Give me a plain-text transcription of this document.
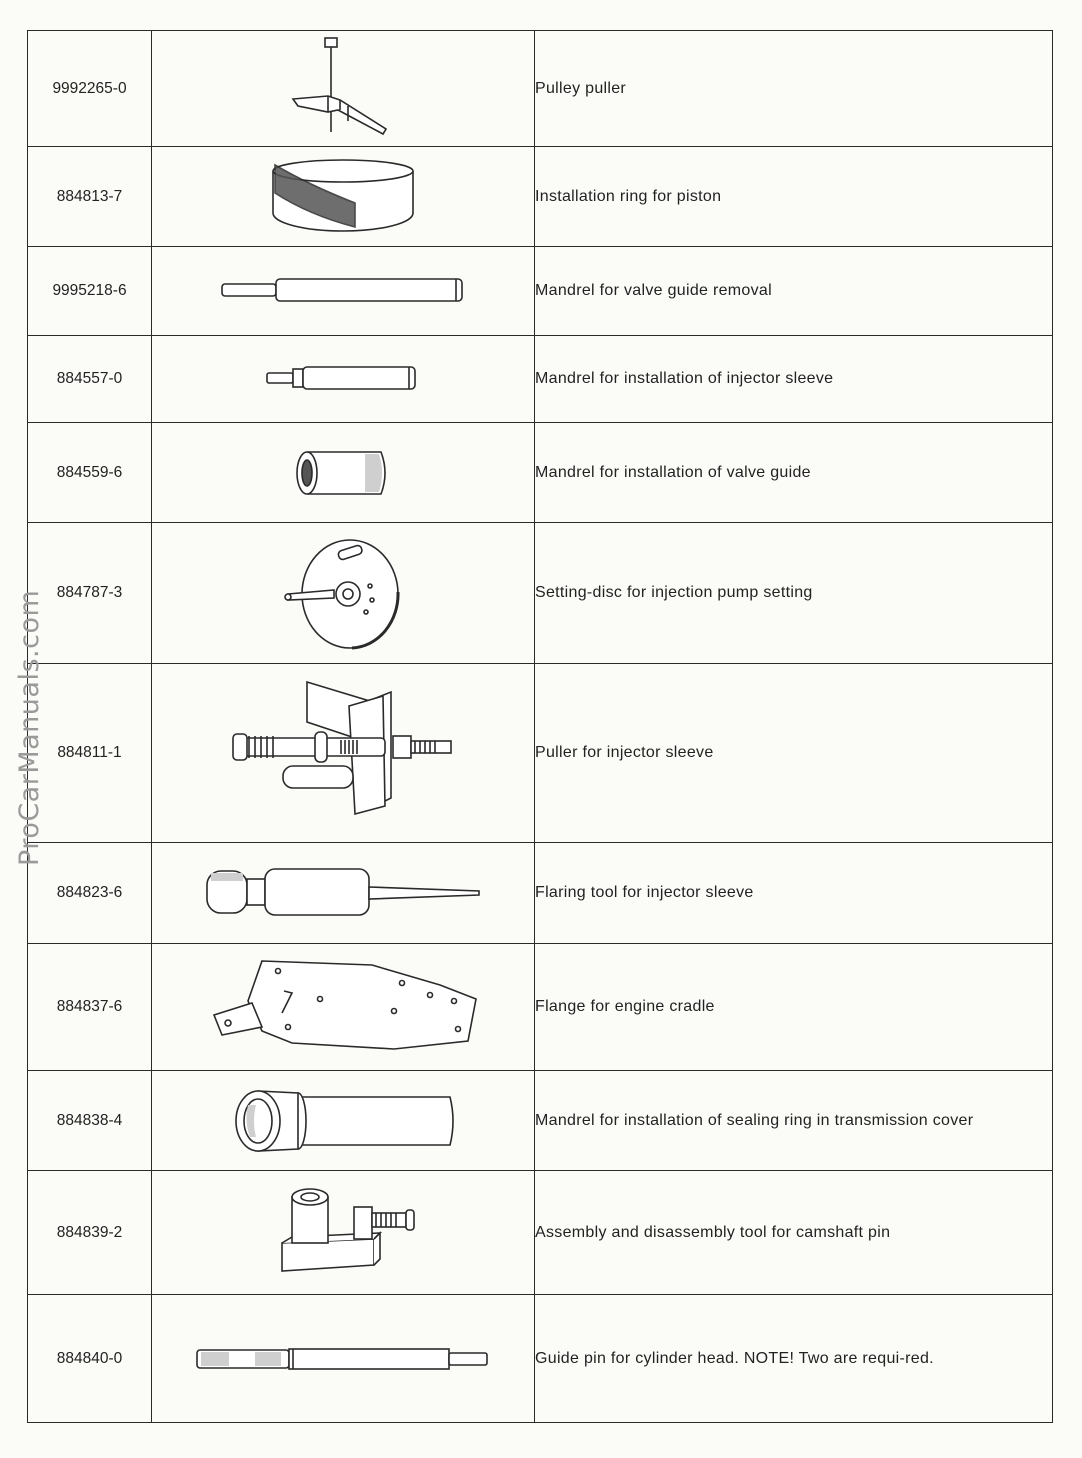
ProCarManuals.com
9992265-0		Pulley puller
884813-7		Installation ring for piston
9995218-6		Mandrel for valve guide removal
884557-0		Mandrel for installation of injector sleeve
884559-6		Mandrel for installation of valve guide
884787-3		Setting-disc for injection pump setting
884811-1		Puller for injector sleeve
884823-6		Flaring tool for injector sleeve
884837-6		Flange for engine cradle
884838-4		Mandrel for installation of sealing ring in transmission cover
884839-2		Assembly and disassembly tool for camshaft pin
884840-0		Guide pin for cylinder head. NOTE! Two are requi-red.
